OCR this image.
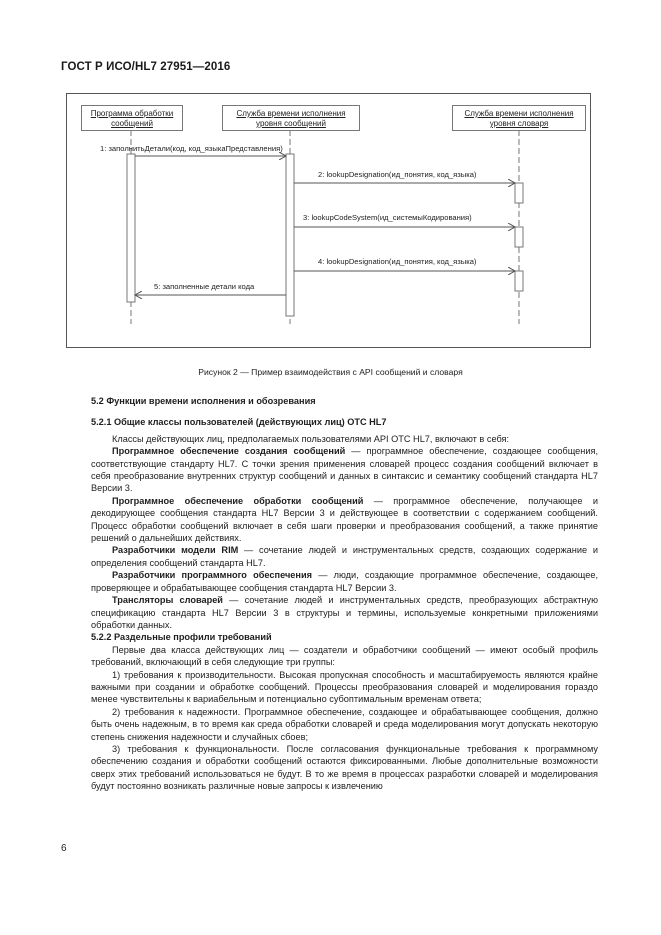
ГОСТ Р ИСО/HL7 27951—2016
Программа обработки сообщений
Служба времени исполнения уровня сообщений
Служба времени исполнения уровня словаря
1: заполнитьДетали(код, код_языкаПредставления)
2: lookupDesignation(ид_понятия, код_языка)
3: lookupCodeSystem(ид_системыКодирования)
4: lookupDesignation(ид_понятия, код_языка)
5: заполненные детали кода
Рисунок 2 — Пример взаимодействия с API сообщений и словаря

5.2 Функции времени исполнения и обозревания

5.2.1 Общие классы пользователей (действующих лиц) OTC HL7

Классы действующих лиц, предполагаемых пользователями API OTC HL7, включают в себя:

Программное обеспечение создания сообщений — программное обеспечение, создающее сообщения, соответствующие стандарту HL7. С точки зрения применения словарей процесс создания сообщений включает в себя преобразование внутренних структур сообщений и данных в синтаксис и семантику сообщений стандарта HL7 Версии 3.

Программное обеспечение обработки сообщений — программное обеспечение, получающее и декодирующее сообщения стандарта HL7 Версии 3 и действующее в соответствии с содержанием сообщений. Процесс обработки сообщений включает в себя шаги проверки и преобразования сообщений, а также принятие решений о дальнейших действиях.

Разработчики модели RIM — сочетание людей и инструментальных средств, создающих содержание и определения сообщений стандарта HL7.

Разработчики программного обеспечения — люди, создающие программное обеспечение, создающее, проверяющее и обрабатывающее сообщения стандарта HL7 Версии 3.

Трансляторы словарей — сочетание людей и инструментальных средств, преобразующих абстрактную спецификацию стандарта HL7 Версии 3 в структуры и термины, используемые конкретными приложениями обработки данных.

5.2.2 Раздельные профили требований

Первые два класса действующих лиц — создатели и обработчики сообщений — имеют особый профиль требований, включающий в себя следующие три группы:

1) требования к производительности. Высокая пропускная способность и масштабируемость являются крайне важными при создании и обработке сообщений. Процессы преобразования словарей и моделирования гораздо менее чувствительны к вариабельным и потенциально субоптимальным временам ответа;

2) требования к надежности. Программное обеспечение, создающее и обрабатывающее сообщения, должно быть очень надежным, в то время как среда обработки словарей и среда моделирования могут допускать некоторую степень снижения надежности и случайных сбоев;

3) требования к функциональности. После согласования функциональные требования к программному обеспечению создания и обработки сообщений остаются фиксированными. Любые дополнительные возможности сверх этих требований использоваться не будут. В то же время в процессах разработки словарей и моделирования будут постоянно возникать различные новые запросы к извлечению

6
